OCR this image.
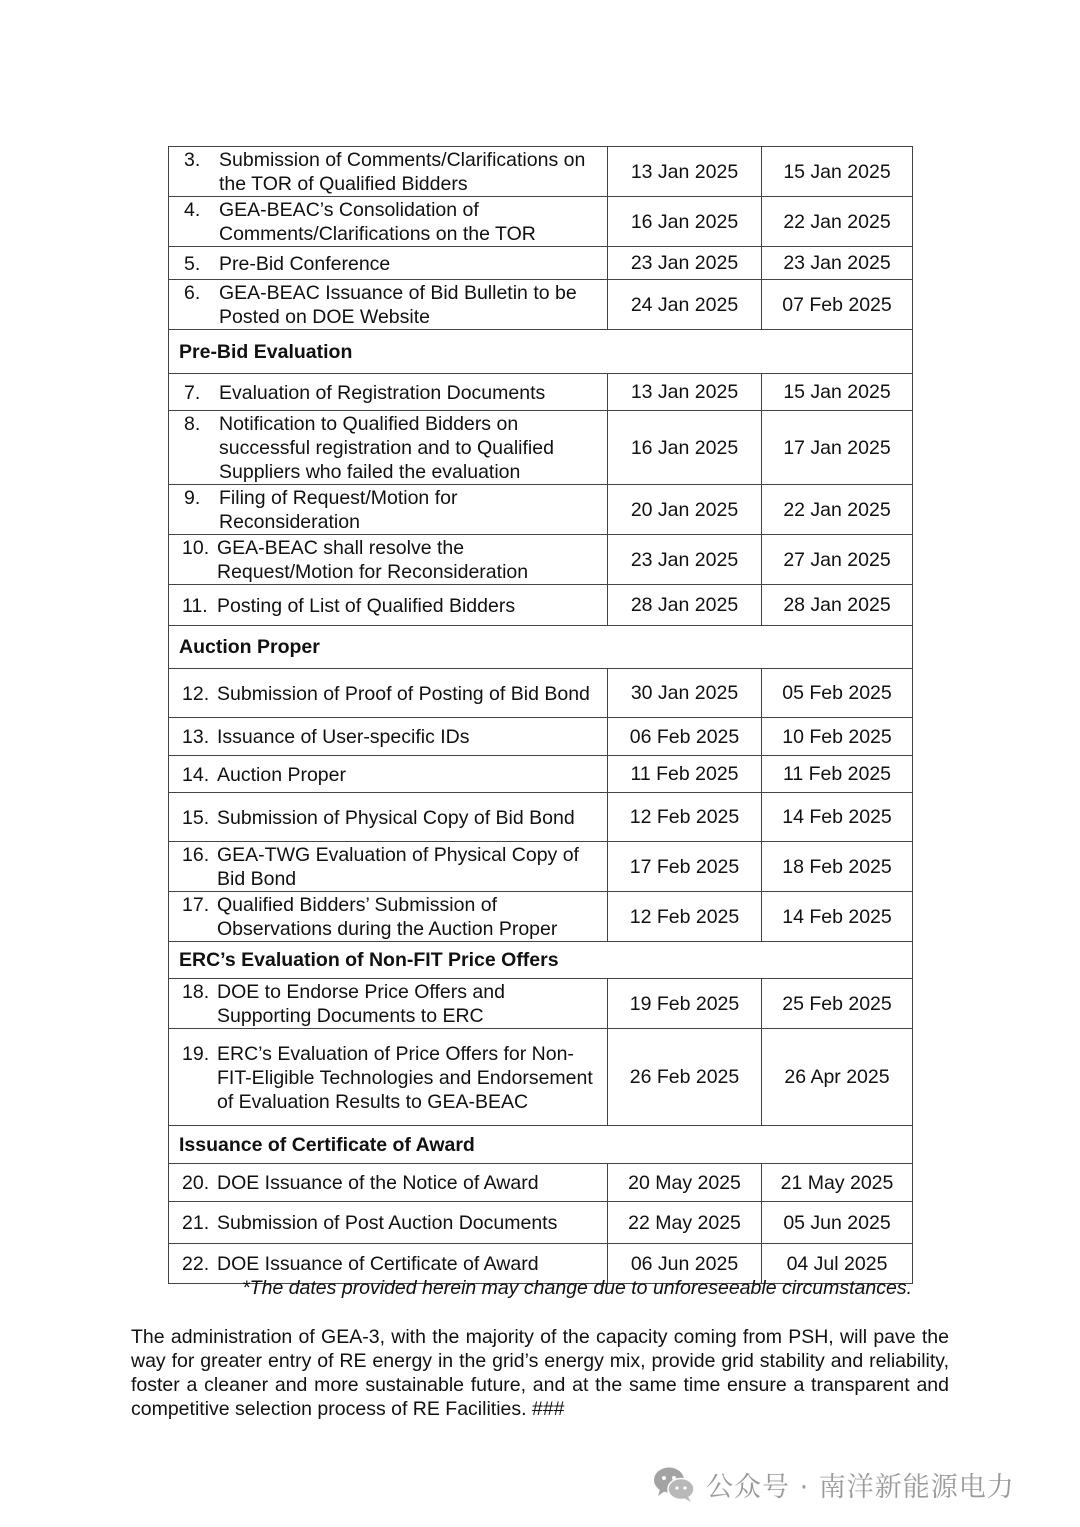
3. Submission of Comments/Clarifications on the TOR of Qualified Bidders	13 Jan 2025	15 Jan 2025

4. GEA-BEAC’s Consolidation of Comments/Clarifications on the TOR	16 Jan 2025	22 Jan 2025

5. Pre-Bid Conference	23 Jan 2025	23 Jan 2025

6. GEA-BEAC Issuance of Bid Bulletin to be Posted on DOE Website	24 Jan 2025	07 Feb 2025
Pre-Bid Evaluation		

7. Evaluation of Registration Documents	13 Jan 2025	15 Jan 2025

8. Notification to Qualified Bidders on successful registration and to Qualified Suppliers who failed the evaluation	16 Jan 2025	17 Jan 2025

9. Filing of Request/Motion for Reconsideration	20 Jan 2025	22 Jan 2025

10. GEA-BEAC shall resolve the Request/Motion for Reconsideration	23 Jan 2025	27 Jan 2025

11. Posting of List of Qualified Bidders	28 Jan 2025	28 Jan 2025
Auction Proper		

12. Submission of Proof of Posting of Bid Bond	30 Jan 2025	05 Feb 2025

13. Issuance of User-specific IDs	06 Feb 2025	10 Feb 2025

14. Auction Proper	11 Feb 2025	11 Feb 2025

15. Submission of Physical Copy of Bid Bond	12 Feb 2025	14 Feb 2025

16. GEA-TWG Evaluation of Physical Copy of Bid Bond	17 Feb 2025	18 Feb 2025

17. Qualified Bidders’ Submission of Observations during the Auction Proper	12 Feb 2025	14 Feb 2025
ERC’s Evaluation of Non-FIT Price Offers		

18. DOE to Endorse Price Offers and Supporting Documents to ERC	19 Feb 2025	25 Feb 2025

19. ERC’s Evaluation of Price Offers for Non-FIT-Eligible Technologies and Endorsement of Evaluation Results to GEA-BEAC	26 Feb 2025	26 Apr 2025
Issuance of Certificate of Award		

20. DOE Issuance of the Notice of Award	20 May 2025	21 May 2025

21. Submission of Post Auction Documents	22 May 2025	05 Jun 2025

22. DOE Issuance of Certificate of Award	06 Jun 2025	04 Jul 2025
*The dates provided herein may change due to unforeseeable circumstances.
The administration of GEA-3, with the majority of the capacity coming from PSH, will pave the way for greater entry of RE energy in the grid’s energy mix, provide grid stability and reliability, foster a cleaner and more sustainable future, and at the same time ensure a transparent and competitive selection process of RE Facilities. ###
公众号 · 南洋新能源电力
